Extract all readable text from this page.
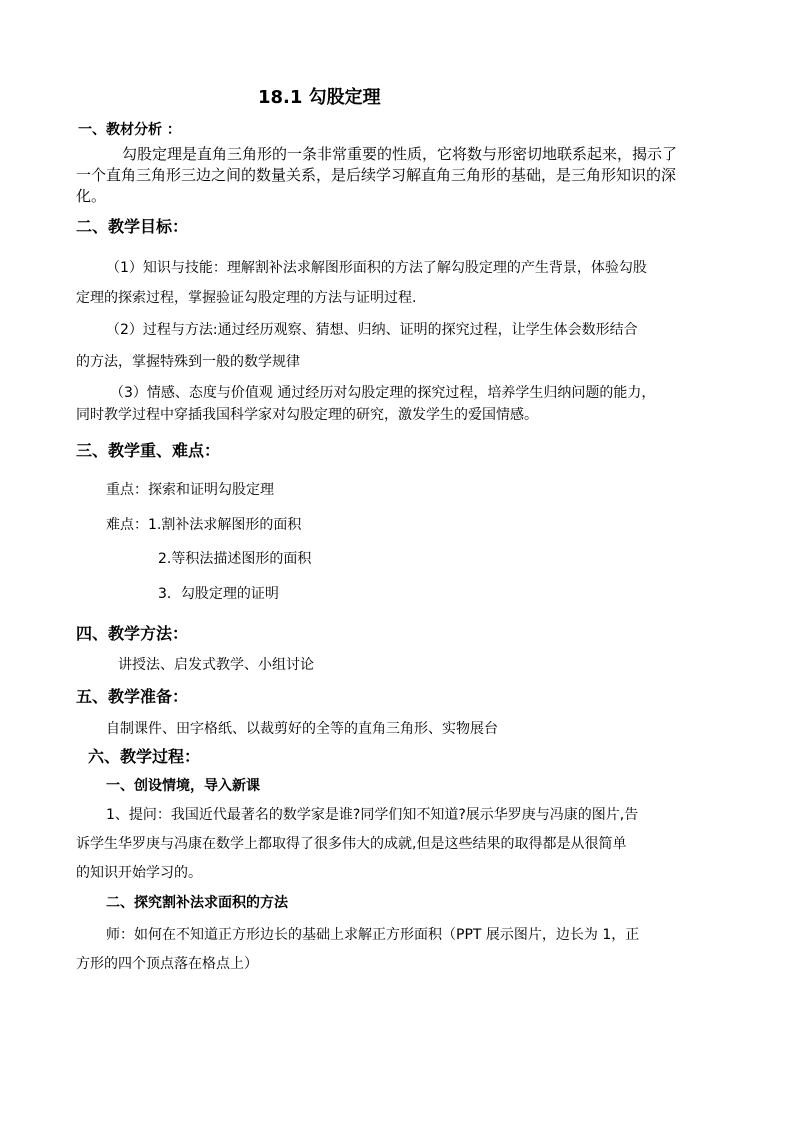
18.1 勾股定理
一、教材分析 ：
勾股定理是直角三角形的一条非常重要的性质，它将数与形密切地联系起来，揭示了
一个直角三角形三边之间的数量关系，是后续学习解直角三角形的基础，是三角形知识的深
化。
二、教学目标：
（1）知识与技能：理解割补法求解图形面积的方法了解勾股定理的产生背景，体验勾股
定理的探索过程，掌握验证勾股定理的方法与证明过程.
（2）过程与方法:通过经历观察、猜想、归纳、证明的探究过程，让学生体会数形结合
的方法，掌握特殊到一般的数学规律
（3）情感、态度与价值观 通过经历对勾股定理的探究过程，培养学生归纳问题的能力，
同时教学过程中穿插我国科学家对勾股定理的研究，激发学生的爱国情感。
三、教学重、难点：
重点：探索和证明勾股定理
难点：1.割补法求解图形的面积
2.等积法描述图形的面积
3．勾股定理的证明
四、教学方法：
讲授法、启发式教学、小组讨论
五、教学准备：
自制课件、田字格纸、以裁剪好的全等的直角三角形、实物展台
六、教学过程：
一、创设情境，导入新课
1、提问：我国近代最著名的数学家是谁?同学们知不知道?展示华罗庚与冯康的图片,告
诉学生华罗庚与冯康在数学上都取得了很多伟大的成就,但是这些结果的取得都是从很简单
的知识开始学习的。
二、探究割补法求面积的方法
师：如何在不知道正方形边长的基础上求解正方形面积（PPT 展示图片，边长为 1，正
方形的四个顶点落在格点上）
